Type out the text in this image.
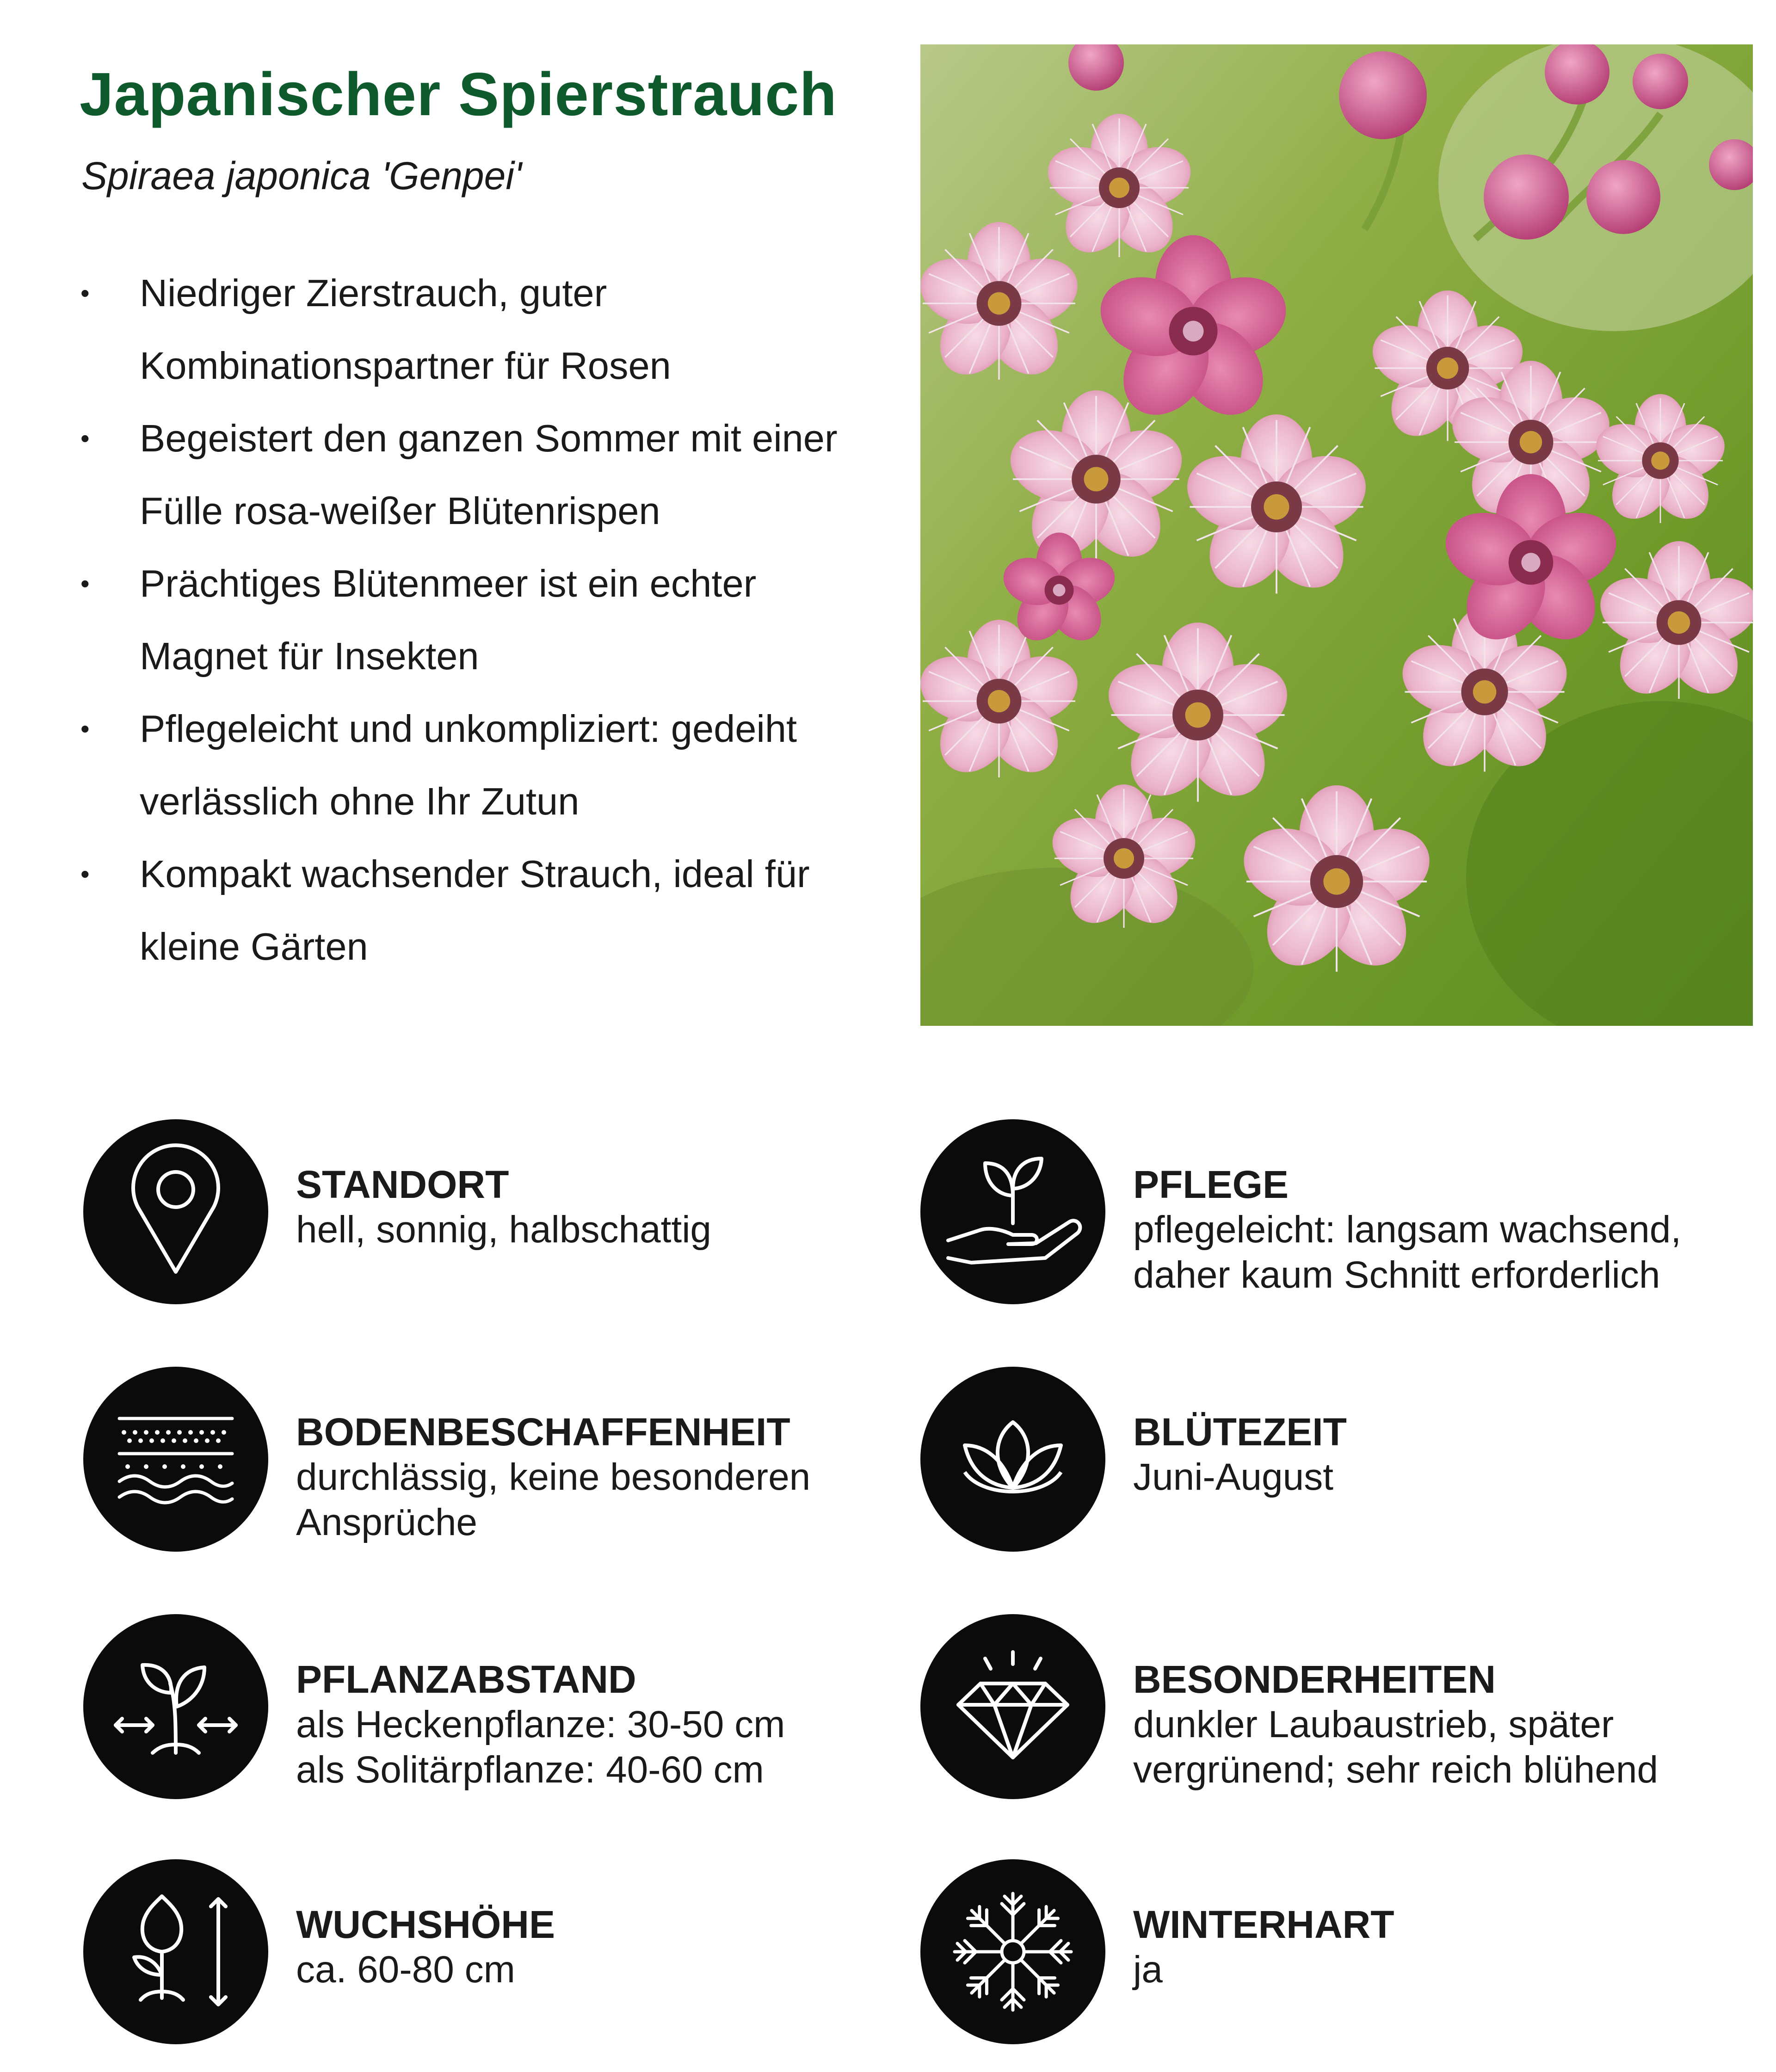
Japanischer Spierstrauch
Spiraea japonica 'Genpei'
• Niedriger Zierstrauch, guter Kombinationspartner für Rosen
• Begeistert den ganzen Sommer mit einer Fülle rosa-weißer Blütenrispen
• Prächtiges Blütenmeer ist ein echter Magnet für Insekten
• Pflegeleicht und unkompliziert: gedeiht verlässlich ohne Ihr Zutun
• Kompakt wachsender Strauch, ideal für kleine Gärten
STANDORT
hell, sonnig, halbschattig
PFLEGE
pflegeleicht: langsam wachsend, daher kaum Schnitt erforderlich
BODENBESCHAFFENHEIT
durchlässig, keine besonderen Ansprüche
BLÜTEZEIT
Juni-August
PFLANZABSTAND
als Heckenpflanze: 30-50 cm
als Solitärpflanze: 40-60 cm
BESONDERHEITEN
dunkler Laubaustrieb, später vergrünend; sehr reich blühend
WUCHSHÖHE
ca. 60-80 cm
WINTERHART
ja
